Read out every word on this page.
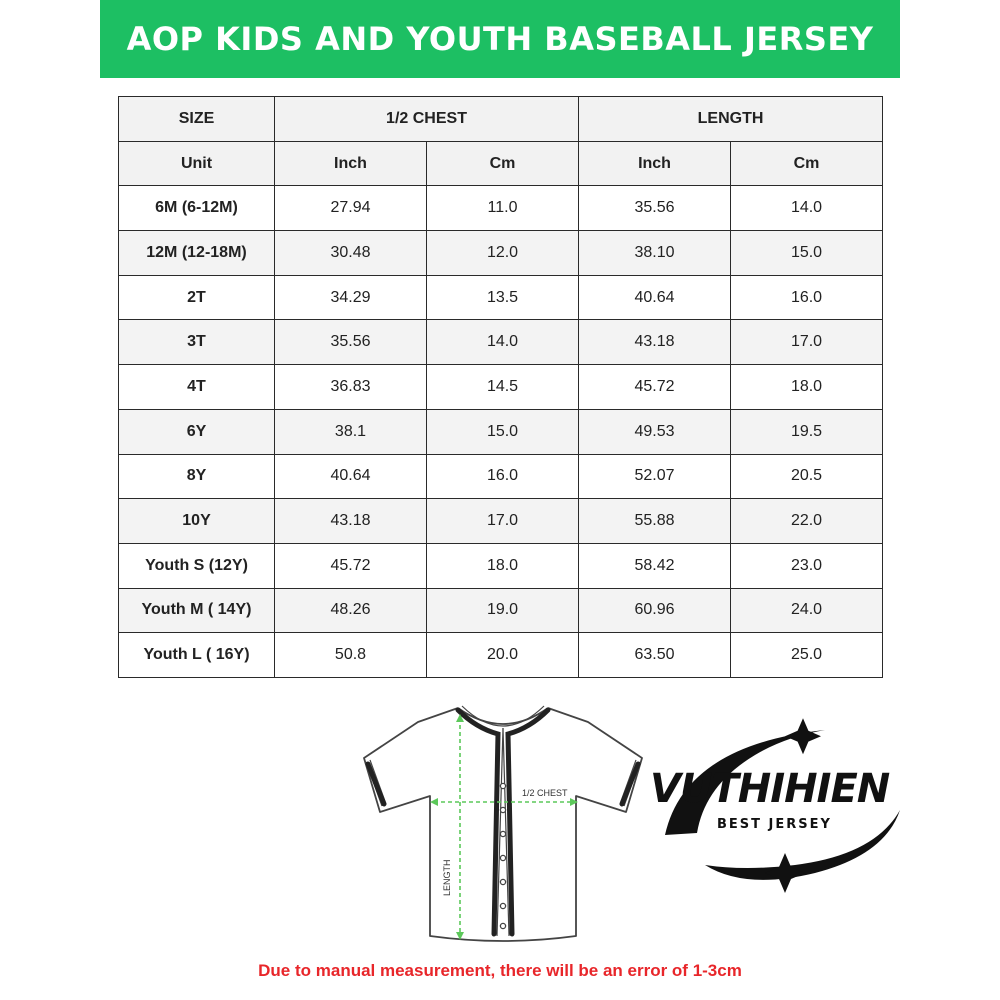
AOP KIDS AND YOUTH BASEBALL JERSEY
SIZE	1/2 CHEST		LENGTH	
Unit	Inch	Cm	Inch	Cm
6M (6-12M)	27.94	11.0	35.56	14.0
12M (12-18M)	30.48	12.0	38.10	15.0
2T	34.29	13.5	40.64	16.0
3T	35.56	14.0	43.18	17.0
4T	36.83	14.5	45.72	18.0
6Y	38.1	15.0	49.53	19.5
8Y	40.64	16.0	52.07	20.5
10Y	43.18	17.0	55.88	22.0
Youth S (12Y)	45.72	18.0	58.42	23.0
Youth M ( 14Y)	48.26	19.0	60.96	24.0
Youth L ( 16Y)	50.8	20.0	63.50	25.0
1/2 CHEST
LENGTH
VUTHIHIEN
BEST JERSEY
Due to manual measurement, there will be an error of 1-3cm
